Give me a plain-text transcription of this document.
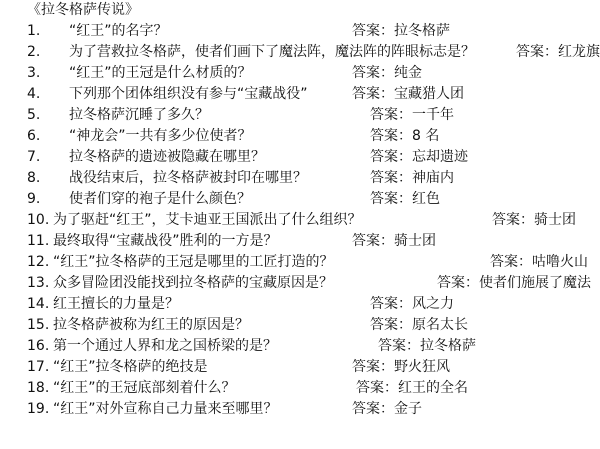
《拉冬格萨传说》
1. “红王”的名字？	答案：拉冬格萨
2. 为了营救拉冬格萨，使者们画下了魔法阵，魔法阵的阵眼标志是？	答案：红龙旗
3. “红王”的王冠是什么材质的？	答案：纯金
4. 下列那个团体组织没有参与“宝藏战役”	答案：宝藏猎人团
5. 拉冬格萨沉睡了多久？	答案：一千年
6. “神龙会”一共有多少位使者？	答案：8 名
7. 拉冬格萨的遗迹被隐藏在哪里？	答案：忘却遗迹
8. 战役结束后，拉冬格萨被封印在哪里？	答案：神庙内
9. 使者们穿的袍子是什么颜色？	答案：红色
10. 为了驱赶“红王”，艾卡迪亚王国派出了什么组织？	答案：骑士团
11. 最终取得“宝藏战役”胜利的一方是？	答案：骑士团
12. “红王”拉冬格萨的王冠是哪里的工匠打造的？	答案：咕噜火山
13. 众多冒险团没能找到拉冬格萨的宝藏原因是？	答案：使者们施展了魔法
14. 红王擅长的力量是？	答案：风之力
15. 拉冬格萨被称为红王的原因是？	答案：原名太长
16. 第一个通过人界和龙之国桥梁的是？	答案：拉冬格萨
17. “红王”拉冬格萨的绝技是	答案：野火狂风
18. “红王”的王冠底部刻着什么？	答案：红王的全名
19. “红王”对外宣称自己力量来至哪里？	答案：金子
